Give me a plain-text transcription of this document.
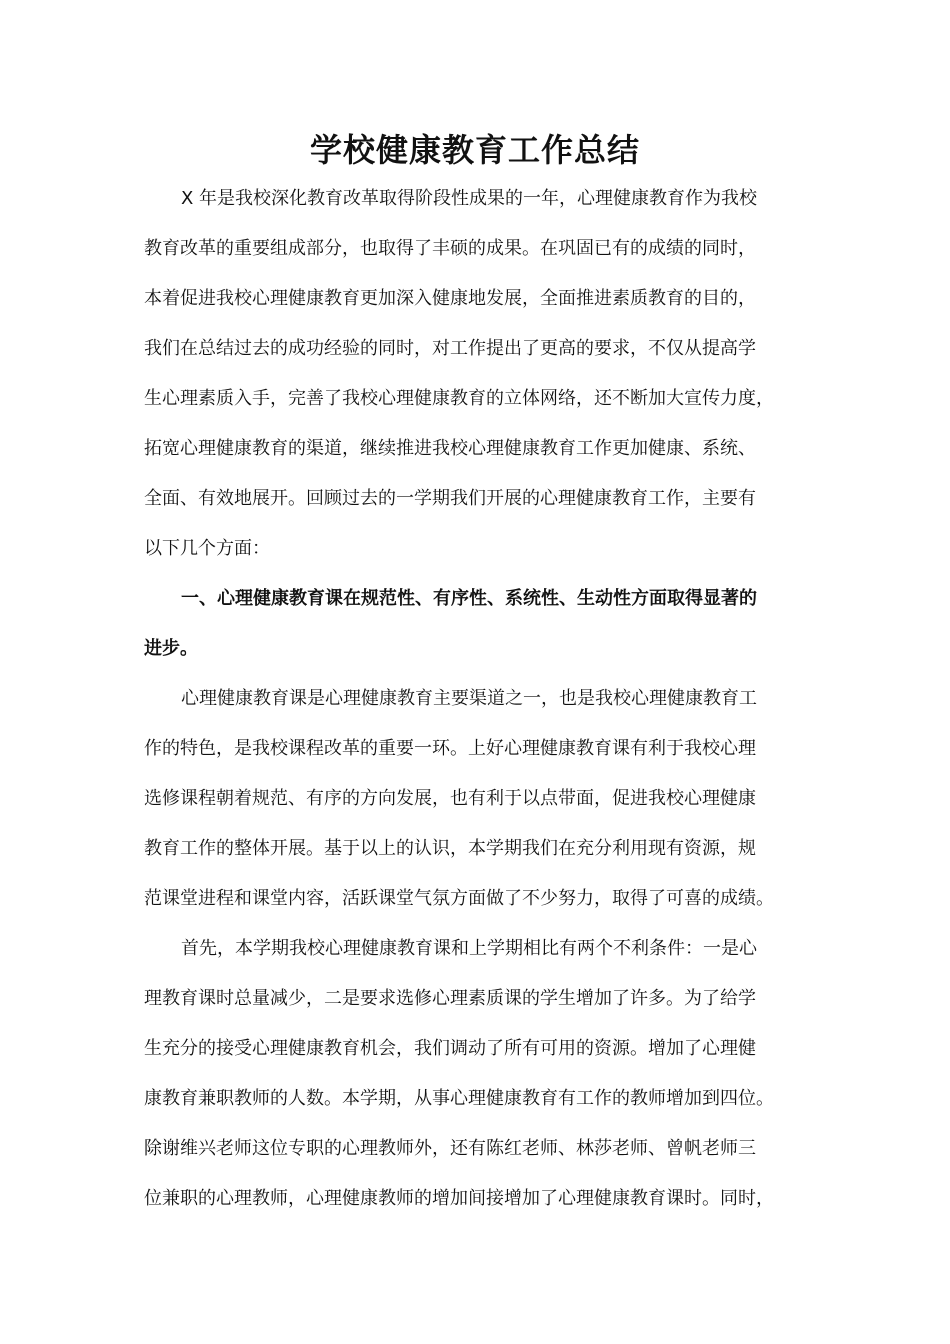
学校健康教育工作总结

X 年是我校深化教育改革取得阶段性成果的一年，心理健康教育作为我校

教育改革的重要组成部分，也取得了丰硕的成果。在巩固已有的成绩的同时，

本着促进我校心理健康教育更加深入健康地发展，全面推进素质教育的目的，

我们在总结过去的成功经验的同时，对工作提出了更高的要求，不仅从提高学

生心理素质入手，完善了我校心理健康教育的立体网络，还不断加大宣传力度，

拓宽心理健康教育的渠道，继续推进我校心理健康教育工作更加健康、系统、

全面、有效地展开。回顾过去的一学期我们开展的心理健康教育工作，主要有

以下几个方面：

一、心理健康教育课在规范性、有序性、系统性、生动性方面取得显著的

进步。

心理健康教育课是心理健康教育主要渠道之一，也是我校心理健康教育工

作的特色，是我校课程改革的重要一环。上好心理健康教育课有利于我校心理

选修课程朝着规范、有序的方向发展，也有利于以点带面，促进我校心理健康

教育工作的整体开展。基于以上的认识，本学期我们在充分利用现有资源，规

范课堂进程和课堂内容，活跃课堂气氛方面做了不少努力，取得了可喜的成绩。

首先，本学期我校心理健康教育课和上学期相比有两个不利条件：一是心

理教育课时总量减少，二是要求选修心理素质课的学生增加了许多。为了给学

生充分的接受心理健康教育机会，我们调动了所有可用的资源。增加了心理健

康教育兼职教师的人数。本学期，从事心理健康教育有工作的教师增加到四位。

除谢维兴老师这位专职的心理教师外，还有陈红老师、林莎老师、曾帆老师三

位兼职的心理教师，心理健康教师的增加间接增加了心理健康教育课时。同时，
